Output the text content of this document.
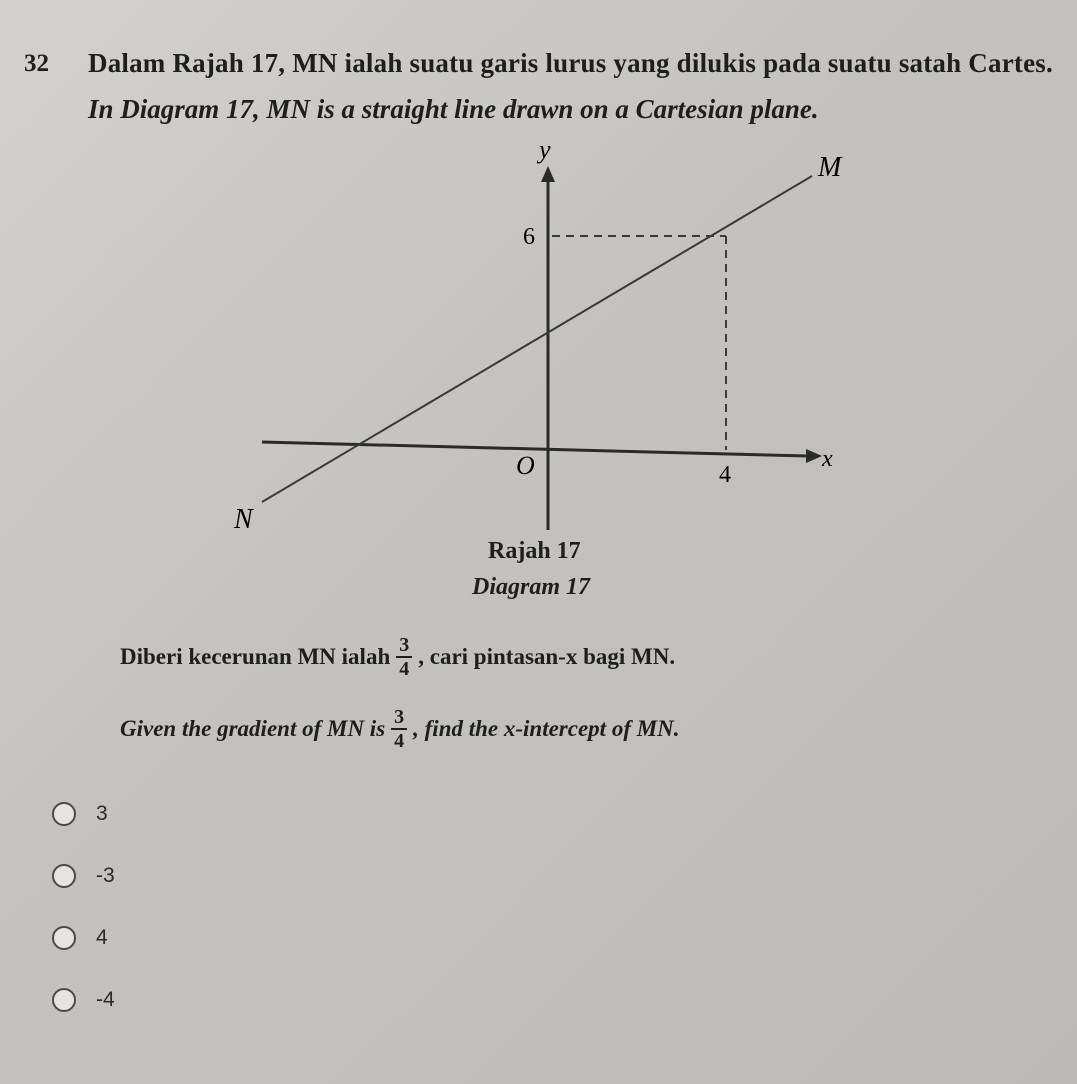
32 Dalam Rajah 17, MN ialah suatu garis lurus yang dilukis pada suatu satah Cartes.
In Diagram 17, MN is a straight line drawn on a Cartesian plane.
y
x
O
6
4
M
N
Rajah 17
Diagram 17
Diberi kecerunan MN ialah $\frac{3}{4}$ , cari pintasan-x bagi MN.
Given the gradient of MN is $\frac{3}{4}$ , find the x-intercept of MN.
3
-3
4
-4
